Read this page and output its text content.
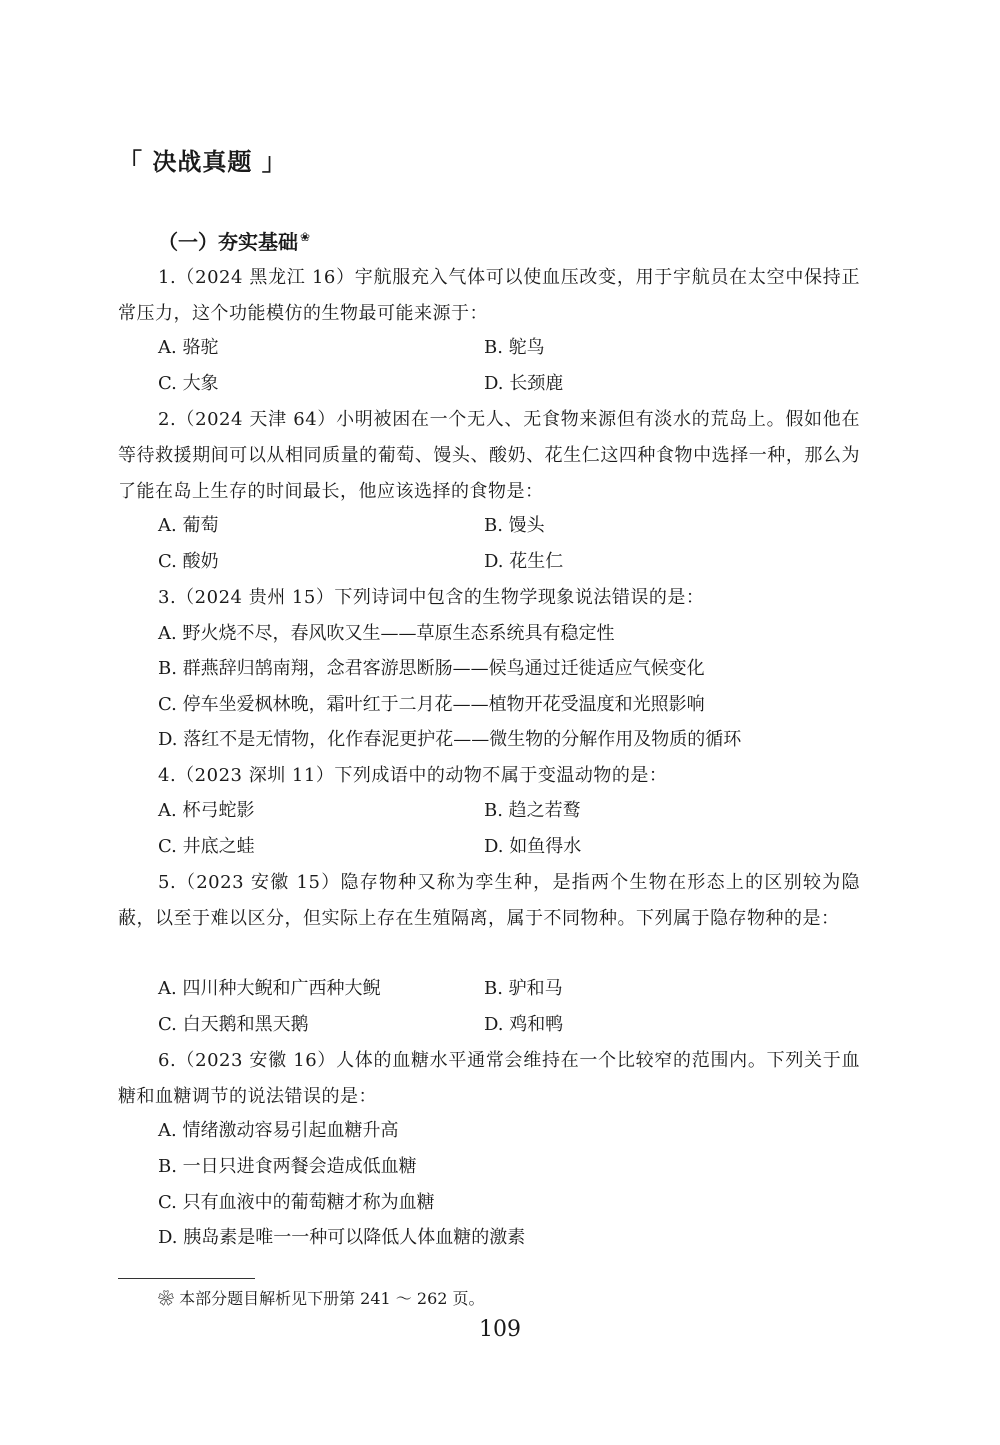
「 决战真题 」
（一）夯实基础 ❀
1.（2024 黑龙江 16）宇航服充入气体可以使血压改变，用于宇航员在太空中保持正常压力，这个功能模仿的生物最可能来源于：
A. 骆驼	B. 鸵鸟
C. 大象	D. 长颈鹿
2.（2024 天津 64）小明被困在一个无人、无食物来源但有淡水的荒岛上。假如他在等待救援期间可以从相同质量的葡萄、馒头、酸奶、花生仁这四种食物中选择一种，那么为了能在岛上生存的时间最长，他应该选择的食物是：
A. 葡萄	B. 馒头
C. 酸奶	D. 花生仁
3.（2024 贵州 15）下列诗词中包含的生物学现象说法错误的是：
A. 野火烧不尽，春风吹又生——草原生态系统具有稳定性
B. 群燕辞归鹄南翔，念君客游思断肠——候鸟通过迁徙适应气候变化
C. 停车坐爱枫林晚，霜叶红于二月花——植物开花受温度和光照影响
D. 落红不是无情物，化作春泥更护花——微生物的分解作用及物质的循环
4.（2023 深圳 11）下列成语中的动物不属于变温动物的是：
A. 杯弓蛇影	B. 趋之若鹜
C. 井底之蛙	D. 如鱼得水
5.（2023 安徽 15）隐存物种又称为孪生种，是指两个生物在形态上的区别较为隐蔽，以至于难以区分，但实际上存在生殖隔离，属于不同物种。下列属于隐存物种的是：
A. 四川种大鲵和广西种大鲵	B. 驴和马
C. 白天鹅和黑天鹅	D. 鸡和鸭
6.（2023 安徽 16）人体的血糖水平通常会维持在一个比较窄的范围内。下列关于血糖和血糖调节的说法错误的是：
A. 情绪激动容易引起血糖升高
B. 一日只进食两餐会造成低血糖
C. 只有血液中的葡萄糖才称为血糖
D. 胰岛素是唯一一种可以降低人体血糖的激素
❀ 本部分题目解析见下册第 241 ～ 262 页。
109
